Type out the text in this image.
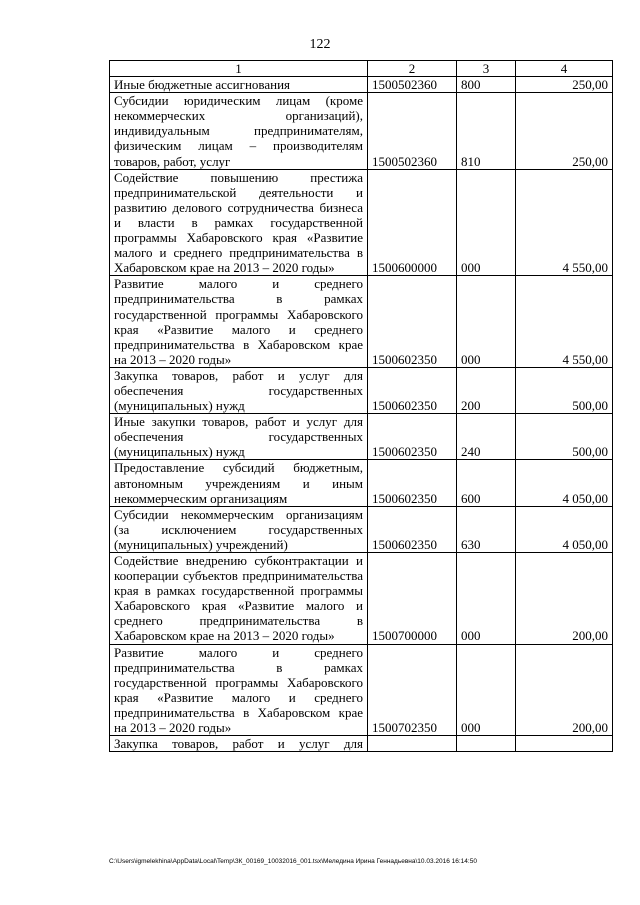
122
1	2	3	4
Иные бюджетные ассигнования	1500502360	800	250,00
Субсидии юридическим лицам (кроме некоммерческих организаций), индивидуальным предпринимателям, физическим лицам – производителям товаров, работ, услуг	1500502360	810	250,00
Содействие повышению престижа предпринимательской деятельности и развитию делового сотрудничества бизнеса и власти в рамках государственной программы Хабаровского края «Развитие малого и среднего предпринимательства в Хабаровском крае на 2013 – 2020 годы»	1500600000	000	4 550,00
Развитие малого и среднего предпринимательства в рамках государственной программы Хабаровского края «Развитие малого и среднего предпринимательства в Хабаровском крае на 2013 – 2020 годы»	1500602350	000	4 550,00
Закупка товаров, работ и услуг для обеспечения государственных (муниципальных) нужд	1500602350	200	500,00
Иные закупки товаров, работ и услуг для обеспечения государственных (муниципальных) нужд	1500602350	240	500,00
Предоставление субсидий бюджетным, автономным учреждениям и иным некоммерческим организациям	1500602350	600	4 050,00
Субсидии некоммерческим организациям (за исключением государственных (муниципальных) учреждений)	1500602350	630	4 050,00
Содействие внедрению субконтрактации и кооперации субъектов предпринимательства края в рамках государственной программы Хабаровского края «Развитие малого и среднего предпринимательства в Хабаровском крае на 2013 – 2020 годы»	1500700000	000	200,00
Развитие малого и среднего предпринимательства в рамках государственной программы Хабаровского края «Развитие малого и среднего предпринимательства в Хабаровском крае на 2013 – 2020 годы»	1500702350	000	200,00
Закупка товаров, работ и услуг для			
C:\Users\igmelekhina\AppData\Local\Temp\ЗК_00169_10032016_001.tsx\Меледина Ирина Геннадьевна\10.03.2016 16:14:50
